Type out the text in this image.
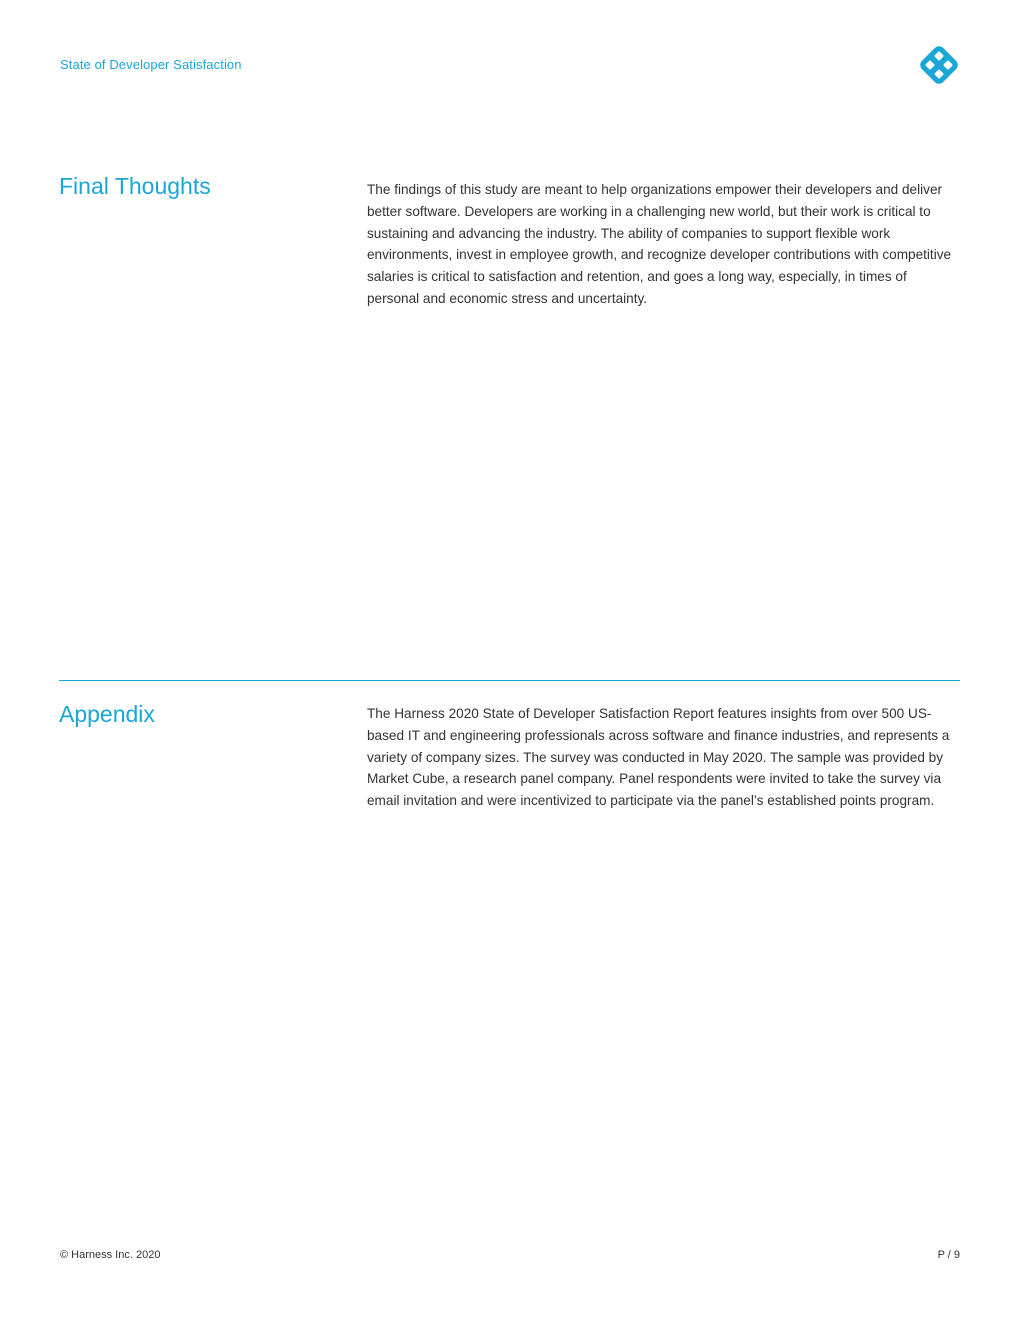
State of Developer Satisfaction
Final Thoughts	The findings of this study are meant to help organizations empower their developers and deliver better software. Developers are working in a challenging new world, but their work is critical to sustaining and advancing the industry. The ability of companies to support flexible work environments, invest in employee growth, and recognize developer contributions with competitive salaries is critical to satisfaction and retention, and goes a long way, especially, in times of personal and economic stress and uncertainty.

Appendix	The Harness 2020 State of Developer Satisfaction Report features insights from over 500 US-based IT and engineering professionals across software and finance industries, and represents a variety of company sizes. The survey was conducted in May 2020. The sample was provided by Market Cube, a research panel company. Panel respondents were invited to take the survey via email invitation and were incentivized to participate via the panel’s established points program.

© Harness Inc. 2020	P / 9
